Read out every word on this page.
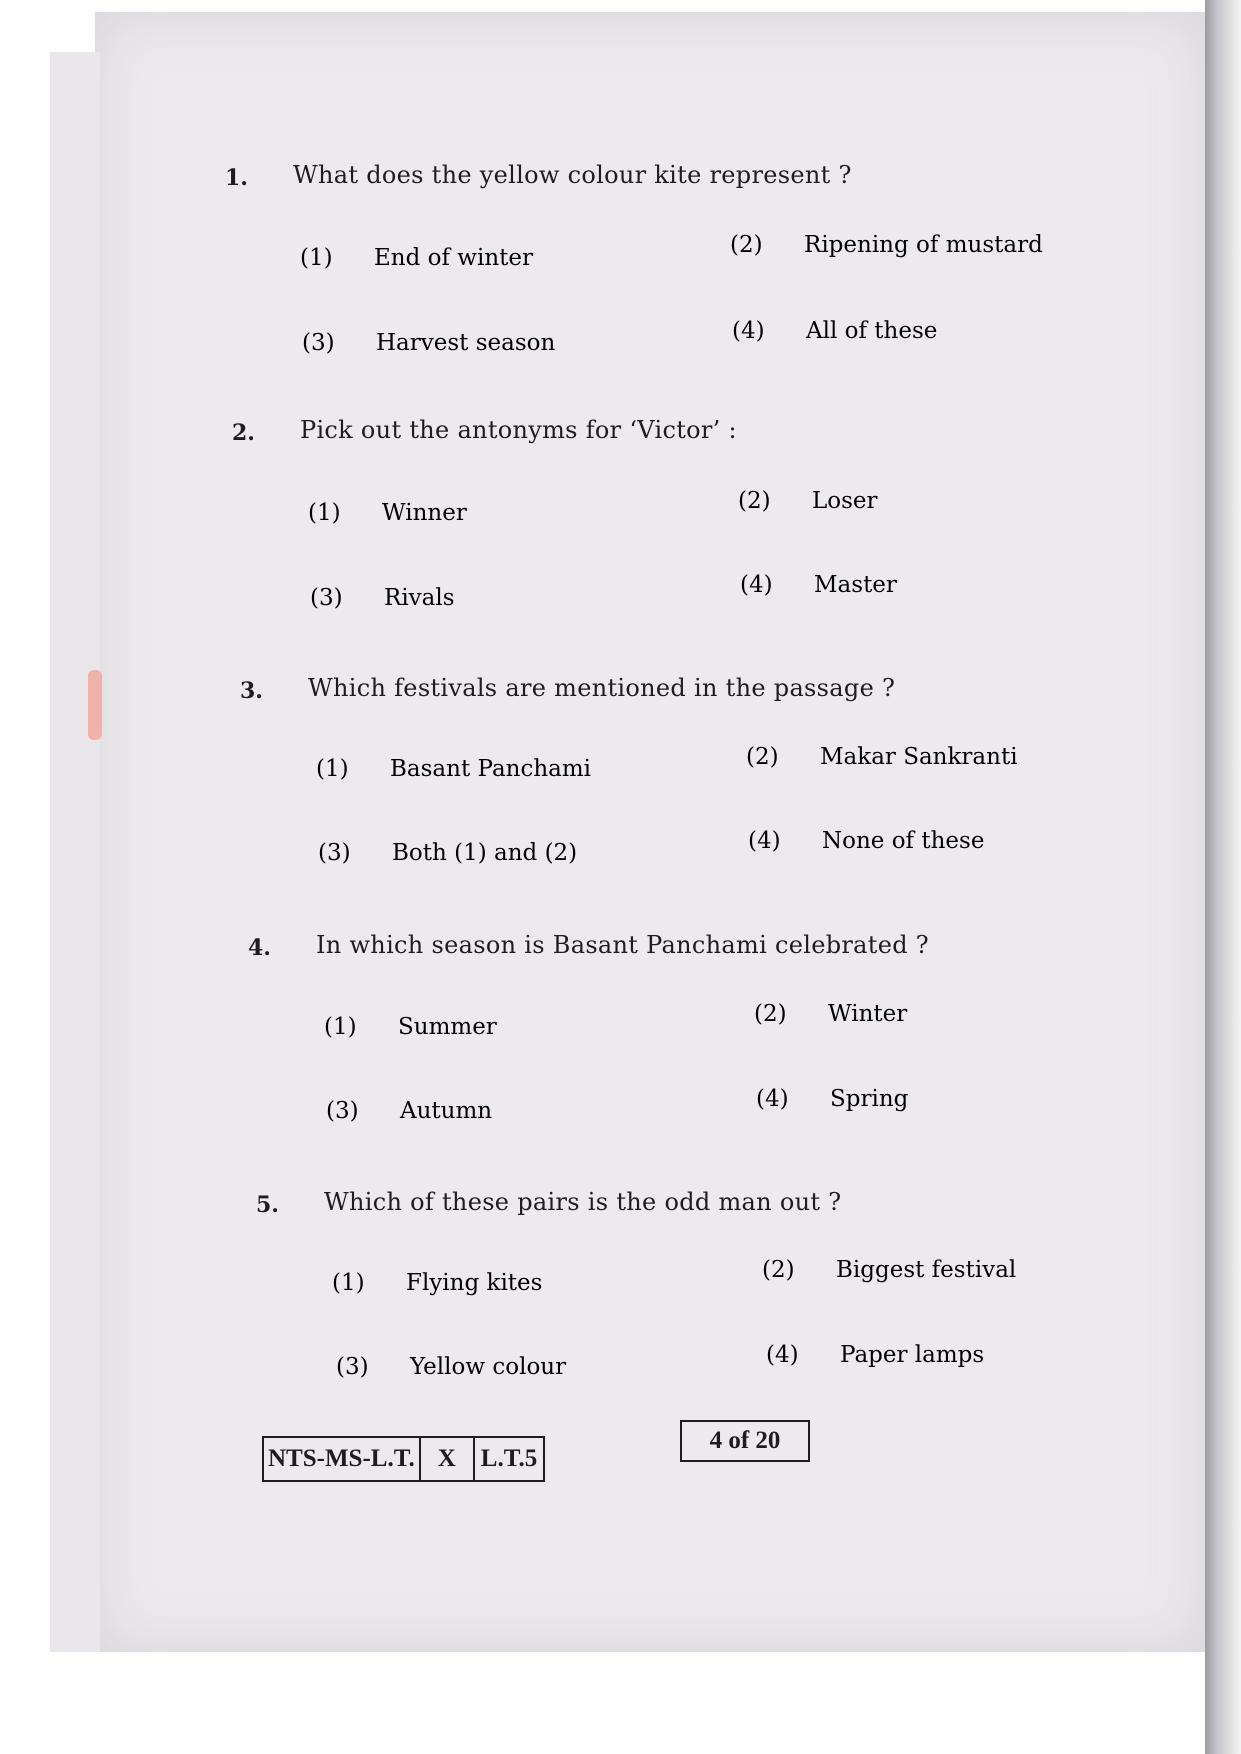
1. What does the yellow colour kite represent ?
(1) End of winter	(2) Ripening of mustard
(3) Harvest season	(4) All of these
2. Pick out the antonyms for ‘Victor’ :
(1) Winner	(2) Loser
(3) Rivals	(4) Master
3. Which festivals are mentioned in the passage ?
(1) Basant Panchami	(2) Makar Sankranti
(3) Both (1) and (2)	(4) None of these
4. In which season is Basant Panchami celebrated ?
(1) Summer	(2) Winter
(3) Autumn	(4) Spring
5. Which of these pairs is the odd man out ?
(1) Flying kites	(2) Biggest festival
(3) Yellow colour	(4) Paper lamps
NTS-MS-L.T. X L.T.5
4 of 20
